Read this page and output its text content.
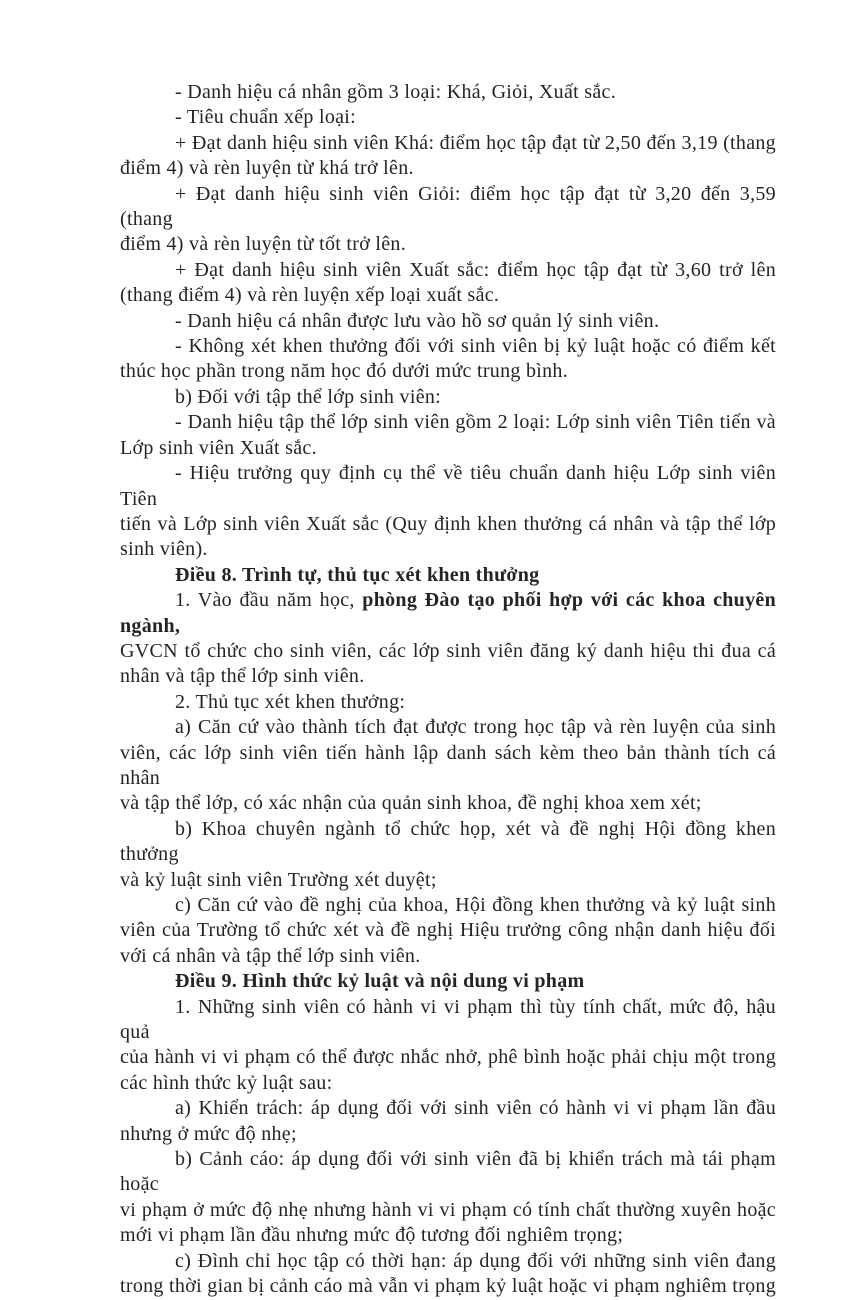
- Danh hiệu cá nhân gồm 3 loại: Khá, Giỏi, Xuất sắc.
- Tiêu chuẩn xếp loại:
+ Đạt danh hiệu sinh viên Khá: điểm học tập đạt từ 2,50 đến 3,19 (thang
điểm 4) và rèn luyện từ khá trở lên.
+ Đạt danh hiệu sinh viên Giỏi: điểm học tập đạt từ 3,20 đến 3,59 (thang
điểm 4) và rèn luyện từ tốt trở lên.
+ Đạt danh hiệu sinh viên Xuất sắc: điểm học tập đạt từ 3,60 trở lên
(thang điểm 4) và rèn luyện xếp loại xuất sắc.
- Danh hiệu cá nhân được lưu vào hồ sơ quản lý sinh viên.
- Không xét khen thưởng đối với sinh viên bị kỷ luật hoặc có điểm kết
thúc học phần trong năm học đó dưới mức trung bình.
b) Đối với tập thể lớp sinh viên:
- Danh hiệu tập thể lớp sinh viên gồm 2 loại: Lớp sinh viên Tiên tiến và
Lớp sinh viên Xuất sắc.
- Hiệu trưởng quy định cụ thể về tiêu chuẩn danh hiệu Lớp sinh viên Tiên
tiến và Lớp sinh viên Xuất sắc (Quy định khen thưởng cá nhân và tập thể lớp
sinh viên).
Điều 8. Trình tự, thủ tục xét khen thưởng
1. Vào đầu năm học, phòng Đào tạo phối hợp với các khoa chuyên ngành,
GVCN tổ chức cho sinh viên, các lớp sinh viên đăng ký danh hiệu thi đua cá
nhân và tập thể lớp sinh viên.
2. Thủ tục xét khen thưởng:
a) Căn cứ vào thành tích đạt được trong học tập và rèn luyện của sinh
viên, các lớp sinh viên tiến hành lập danh sách kèm theo bản thành tích cá nhân
và tập thể lớp, có xác nhận của quản sinh khoa, đề nghị khoa xem xét;
b) Khoa chuyên ngành tổ chức họp, xét và đề nghị Hội đồng khen thưởng
và kỷ luật sinh viên Trường xét duyệt;
c) Căn cứ vào đề nghị của khoa, Hội đồng khen thưởng và kỷ luật sinh
viên của Trường tổ chức xét và đề nghị Hiệu trưởng công nhận danh hiệu đối
với cá nhân và tập thể lớp sinh viên.
Điều 9. Hình thức kỷ luật và nội dung vi phạm
1. Những sinh viên có hành vi vi phạm thì tùy tính chất, mức độ, hậu quả
của hành vi vi phạm có thể được nhắc nhở, phê bình hoặc phải chịu một trong
các hình thức kỷ luật sau:
a) Khiển trách: áp dụng đối với sinh viên có hành vi vi phạm lần đầu
nhưng ở mức độ nhẹ;
b) Cảnh cáo: áp dụng đối với sinh viên đã bị khiển trách mà tái phạm hoặc
vi phạm ở mức độ nhẹ nhưng hành vi vi phạm có tính chất thường xuyên hoặc
mới vi phạm lần đầu nhưng mức độ tương đối nghiêm trọng;
c) Đình chỉ học tập có thời hạn: áp dụng đối với những sinh viên đang
trong thời gian bị cảnh cáo mà vẫn vi phạm kỷ luật hoặc vi phạm nghiêm trọng
